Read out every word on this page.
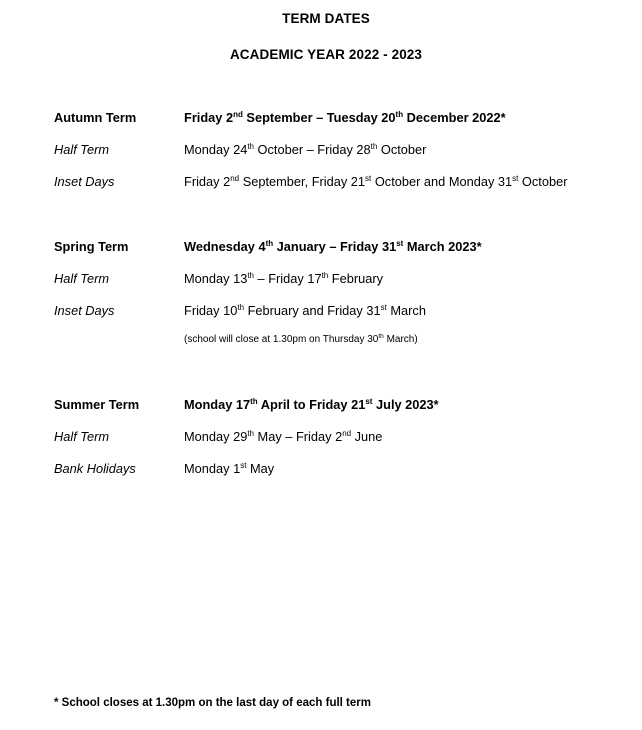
TERM DATES
ACADEMIC YEAR 2022 - 2023
Autumn Term	Friday 2nd September – Tuesday 20th December 2022*
Half Term	Monday 24th October – Friday 28th October
Inset Days	Friday 2nd September, Friday 21st October and Monday 31st October
Spring Term	Wednesday 4th January – Friday 31st March 2023*
Half Term	Monday 13th – Friday 17th February
Inset Days	Friday 10th February and Friday 31st March
(school will close at 1.30pm on Thursday 30th March)
Summer Term	Monday 17th April to Friday 21st July 2023*
Half Term	Monday 29th May – Friday 2nd June
Bank Holidays	Monday 1st May
* School closes at 1.30pm on the last day of each full term
